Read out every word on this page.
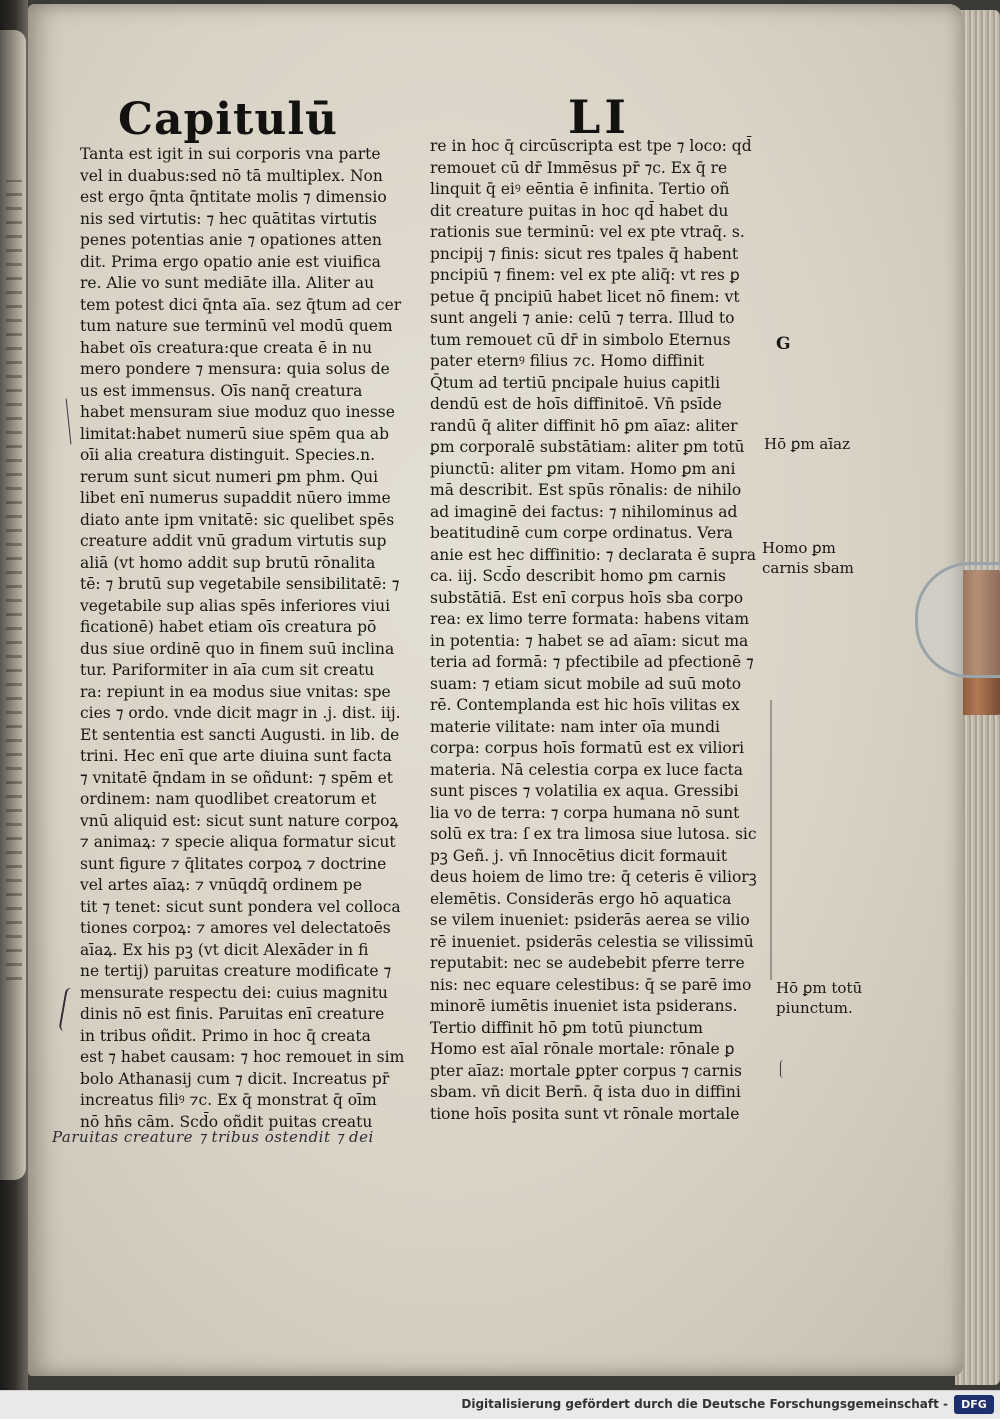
Capitulū	LI
Tanta est igit in sui corporis vna parte
vel in duabus:sed nō tā multiplex. Non
est ergo q̄nta q̄ntitate molis ⁊ dimensio
nis sed virtutis: ⁊ hec quātitas virtutis
penes potentias anie ⁊ opationes atten
dit. Prima ergo opatio anie est viuifica
re. Alie vo sunt mediāte illa. Aliter au
tem potest dici q̄nta aīa. sez q̄tum ad cer
tum nature sue terminū vel modū quem
habet oīs creatura:que creata ē in nu
mero pondere ⁊ mensura: quia solus de
us est immensus. Oīs nanq̄ creatura
habet mensuram siue moduz quo inesse
limitat:habet numerū siue spēm qua ab
oīi alia creatura distinguit. Species.n.
rerum sunt sicut numeri ꝑm phm. Qui
libet enī numerus supaddit nūero imme
diato ante ipm vnitatē: sic quelibet spēs
creature addit vnū gradum virtutis sup
aliā (vt homo addit sup brutū rōnalita
tē: ⁊ brutū sup vegetabile sensibilitatē: ⁊
vegetabile sup alias spēs inferiores viui
ficationē) habet etiam oīs creatura pō
dus siue ordinē quo in finem suū inclina
tur. Pariformiter in aīa cum sit creatu
ra: repiunt in ea modus siue vnitas: spe
cies ⁊ ordo. vnde dicit magr in .j. dist. iij.
Et sententia est sancti Augusti. in lib. de
trini. Hec enī que arte diuina sunt facta
⁊ vnitatē q̄ndam in se oñdunt: ⁊ spēm et
ordinem: nam quodlibet creatorum et
vnū aliquid est: sicut sunt nature corpoꝝ
⁊ animaꝝ: ⁊ specie aliqua formatur sicut
sunt figure ⁊ q̄litates corpoꝝ ⁊ doctrine
vel artes aīaꝝ: ⁊ vnūqdq̄ ordinem pe
tit ⁊ tenet: sicut sunt pondera vel colloca
tiones corpoꝝ: ⁊ amores vel delectatoēs
aīaꝝ. Ex his pꝫ (vt dicit Alexāder in fi
ne tertij) paruitas creature modificate ⁊
mensurate respectu dei: cuius magnitu
dinis nō est finis. Paruitas enī creature
in tribus oñdit. Primo in hoc q̄ creata
est ⁊ habet causam: ⁊ hoc remouet in sim
bolo Athanasij cum ⁊ dicit. Increatus pr̄
increatus filiꝰ ⁊c. Ex q̄ monstrat q̄ oīm
nō hn̄s cām. Scd̄o oñdit puitas creatu
re in hoc q̄ circūscripta est tpe ⁊ loco: qd̄
remouet cū dr̄ Immēsus pr̄ ⁊c. Ex q̄ re
linquit q̄ eiꝰ eēntia ē infinita. Tertio oñ
dit creature puitas in hoc qd̄ habet du
rationis sue terminū: vel ex pte vtraq̄. s.
pncipij ⁊ finis: sicut res tpales q̄ habent
pncipiū ⁊ finem: vel ex pte aliq̄: vt res ꝑ
petue q̄ pncipiū habet licet nō finem: vt
sunt angeli ⁊ anie: celū ⁊ terra. Illud to
tum remouet cū dr̄ in simbolo Eternus
pater eternꝰ filius ⁊c. Homo diffinit
Q̄tum ad tertiū pncipale huius capitli
dendū est de hoīs diffinitoē. Vn̄ psīde
randū q̄ aliter diffinit hō ꝑm aīaz: aliter
ꝑm corporalē substātiam: aliter ꝑm totū
piunctū: aliter ꝑm vitam. Homo ꝑm ani
mā describit. Est spūs rōnalis: de nihilo
ad imaginē dei factus: ⁊ nihilominus ad
beatitudinē cum corpe ordinatus. Vera
anie est hec diffinitio: ⁊ declarata ē supra
ca. iij. Scd̄o describit homo ꝑm carnis
substātiā. Est enī corpus hoīs sba corpo
rea: ex limo terre formata: habens vitam
in potentia: ⁊ habet se ad aīam: sicut ma
teria ad formā: ⁊ pfectibile ad pfectionē ⁊
suam: ⁊ etiam sicut mobile ad suū moto
rē. Contemplanda est hic hoīs vilitas ex
materie vilitate: nam inter oīa mundi
corpa: corpus hoīs formatū est ex viliori
materia. Nā celestia corpa ex luce facta
sunt pisces ⁊ volatilia ex aqua. Gressibi
lia vo de terra: ⁊ corpa humana nō sunt
solū ex tra: ſ ex tra limosa siue lutosa. sic
pꝫ Geñ. j. vn̄ Innocētius dicit formauit
deus hoiem de limo tre: q̄ ceteris ē viliorꝫ
elemētis. Considerās ergo hō aquatica
se vilem inueniet: psiderās aerea se vilio
rē inueniet. psiderās celestia se vilissimū
reputabit: nec se audebebit pferre terre
nis: nec equare celestibus: q̄ se parē imo
minorē iumētis inueniet ista psiderans.
Tertio diffinit hō ꝑm totū piunctum
Homo est aīal rōnale mortale: rōnale ꝑ
pter aīaz: mortale ꝑpter corpus ⁊ carnis
sbam. vn̄ dicit Bern̄. q̄ ista duo in diffini
tione hoīs posita sunt vt rōnale mortale
G
Hō ꝑm aīaz
Homo ꝑm carnis sbam
Hō ꝑm totū piunctum.
Paruitas creature ⁊ tribus ostendit ⁊ dei
Digitalisierung gefördert durch die Deutsche Forschungsgemeinschaft -	DFG
